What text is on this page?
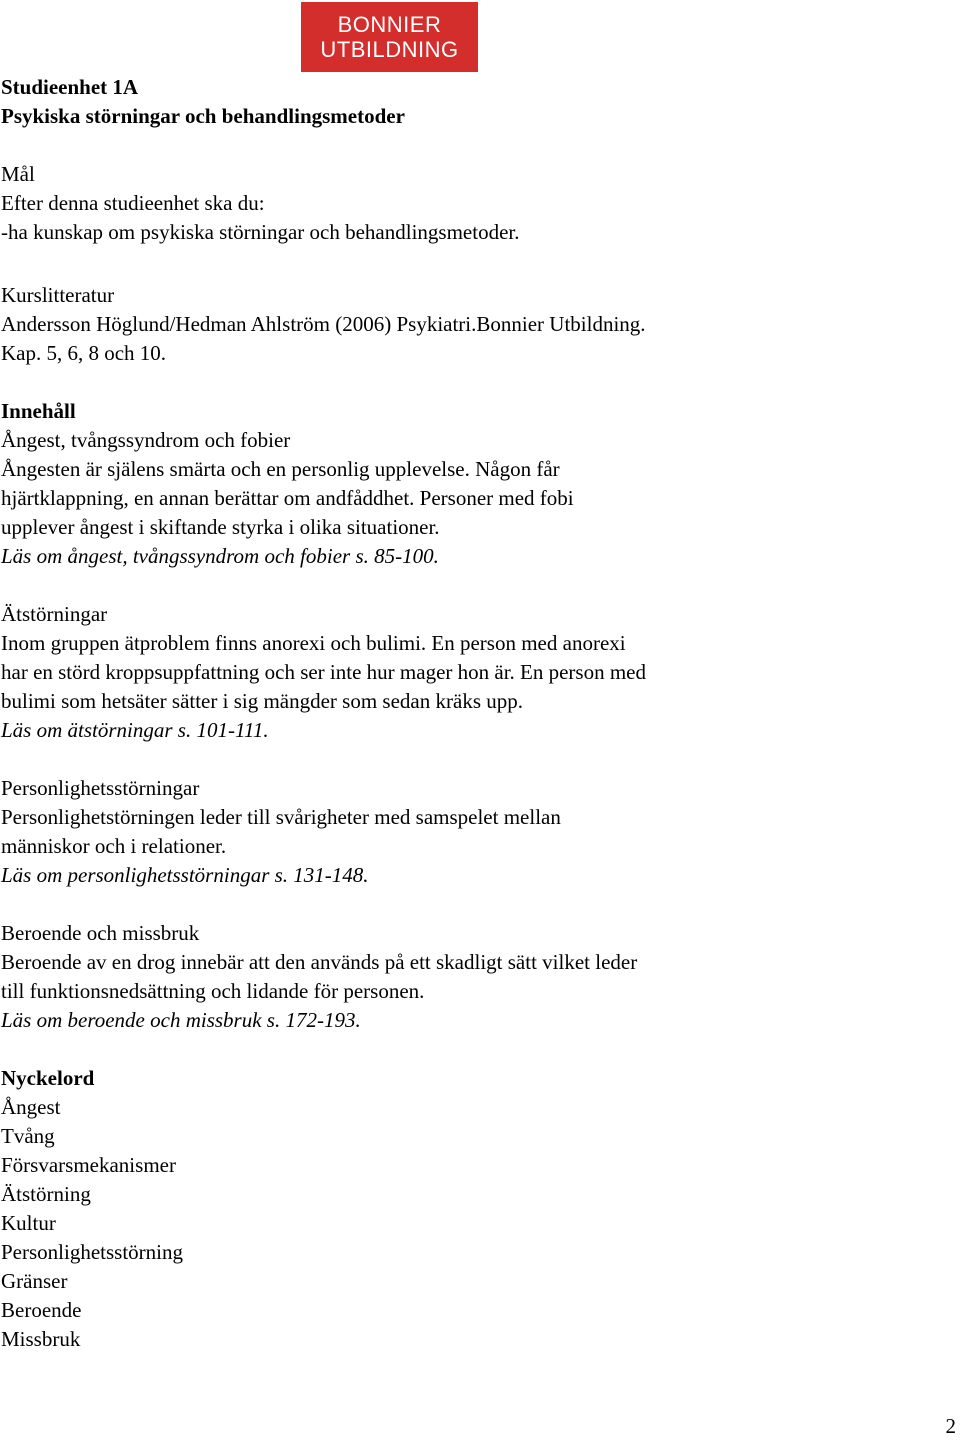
BONNIER
UTBILDNING
Studieenhet 1A
Psykiska störningar och behandlingsmetoder
Mål
Efter denna studieenhet ska du:
-ha kunskap om psykiska störningar och behandlingsmetoder.
Kurslitteratur
Andersson Höglund/Hedman Ahlström (2006) Psykiatri.Bonnier Utbildning.
Kap. 5, 6, 8 och 10.
Innehåll
Ångest, tvångssyndrom och fobier
Ångesten är själens smärta och en personlig upplevelse. Någon får
hjärtklappning, en annan berättar om andfåddhet. Personer med fobi
upplever ångest i skiftande styrka i olika situationer.
Läs om ångest, tvångssyndrom och fobier s. 85-100.
Ätstörningar
Inom gruppen ätproblem finns anorexi och bulimi. En person med anorexi
har en störd kroppsuppfattning och ser inte hur mager hon är. En person med
bulimi som hetsäter sätter i sig mängder som sedan kräks upp.
Läs om ätstörningar s. 101-111.
Personlighetsstörningar
Personlighetstörningen leder till svårigheter med samspelet mellan
människor och i relationer.
Läs om personlighetsstörningar s. 131-148.
Beroende och missbruk
Beroende av en drog innebär att den används på ett skadligt sätt vilket leder
till funktionsnedsättning och lidande för personen.
Läs om beroende och missbruk s. 172-193.
Nyckelord
Ångest
Tvång
Försvarsmekanismer
Ätstörning
Kultur
Personlighetsstörning
Gränser
Beroende
Missbruk
2
